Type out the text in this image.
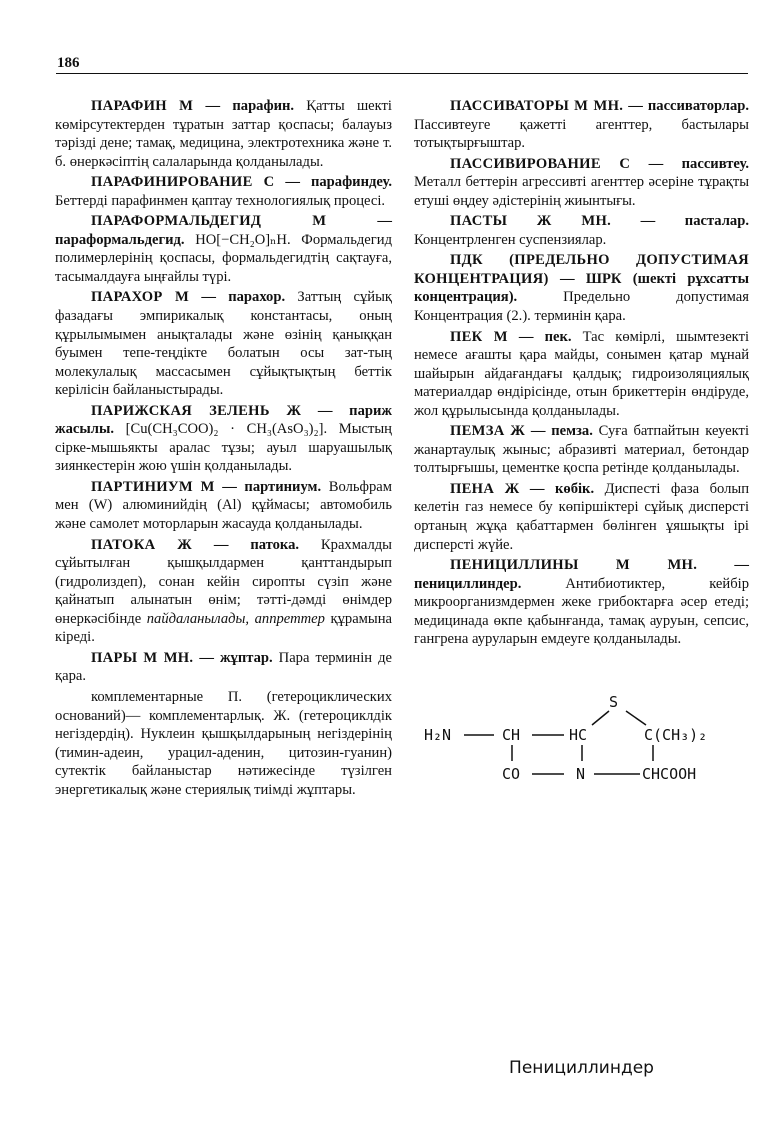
186

ПАРАФИН М — парафин. Қатты шекті көмірсутектерден тұратын заттар қоспасы; балауыз тәрізді дене; тамақ, медицина, электротехника және т. б. өнеркәсіптің салаларында қолданылады.

ПАРАФИНИРОВАНИЕ С — парафиндеу. Беттерді парафинмен қаптау технологиялық процесі.

ПАРАФОРМАЛЬДЕГИД	М	—параформальдегид. HO[−CH₂O]ₙH. Формальдегид полимерлерінің қоспасы, формальдегидтің сақтауға, тасымалдауға ыңғайлы түрі.

ПАРАХОР М — парахор. Заттың сұйық фазадағы эмпирикалық константасы, оның құрылымымен анықталады және өзінің қаныққан буымен тепе-теңдікте болатын осы зат-тың молекулалық массасымен сұйықтықтың беттік керілісін байланыстырады.

ПАРИЖСКАЯ ЗЕЛЕНЬ Ж — париж жасылы. [Cu(CH₃COO)₂ · CH₃(AsO₃)₂]. Мыстың сірке-мышьякты аралас тұзы; ауыл шаруашылық зиянкестерін жою үшін қолданылады.

ПАРТИНИУМ М — партиниум. Вольфрам мен (W) алюминийдің (Al) құймасы; автомобиль және самолет моторларын жасауда қолданылады.

ПАТОКА Ж — патока. Крахмалды сұйытылған қышқылдармен қанттандырып (гидролиздеп), сонан кейін сиропты сүзіп және қайнатып алынатын өнім; тәтті-дәмді өнімдер өнеркәсібінде пайдаланылады, аппреттер құрамына кіреді.

ПАРЫ М МН. — жұптар. Пара терминін де қара.

комплементарные П. (гетероциклических оснований)— комплементарлық. Ж. (гетероциклдік негіздердің). Нуклеин қышқылдарының негіздерінің (тимин-адеин, урацил-аденин, цитозин-гуанин) сутектік байланыстар нәтижесінде түзілген энергетикалық және стериялық тиімді жұптары.

ПАССИВАТОРЫ М МН. — пассиваторлар. Пассивтеуге қажетті агенттер, бастылары тотықтырғыштар.

ПАССИВИРОВАНИЕ С — пассивтеу. Металл беттерін агрессивті агенттер әсеріне тұрақты етуші өңдеу әдістерінің жиынтығы.

ПАСТЫ Ж МН. — пасталар. Концентрленген суспензиялар.

ПДК (ПРЕДЕЛЬНО ДОПУСТИМАЯ КОНЦЕНТРАЦИЯ) — ШРК (шекті рұхсатты концентрация). Предельно допустимая Концентрация (2.). терминін қара.

ПЕК М — пек. Тас көмірлі, шымтезекті немесе ағашты қара майды, сонымен қатар мұнай шайырын айдағандағы қалдық; гидроизоляциялық материалдар өндірісінде, отын брикеттерін өндіруде, жол құрылысында қолданылады.

ПЕМЗА Ж — пемза. Суға батпайтын кеуекті жанартаулық жыныс; абразивті материал, бетондар толтырғышы, цементке қоспа ретінде қолданылады.

ПЕНА Ж — көбік. Диспесті фаза болып келетін газ немесе бу көпіршіктері сұйық дисперсті ортаның жұқа қабаттармен бөлінген ұяшықты ірі дисперсті жүйе.

ПЕНИЦИЛЛИНЫ	М МН.	— пенициллиндер. Антибиотиктер, кейбір микроорганизмдермен жеке грибоктарға әсер етеді; медицинада өкпе қабынғанда, тамақ ауруын, сепсис, гангрена ауруларын емдеуге қолданылады.

H₂N	CH	HC
S
C(CH₃)₂
CO	N	CHCOOH
Пенициллиндер
